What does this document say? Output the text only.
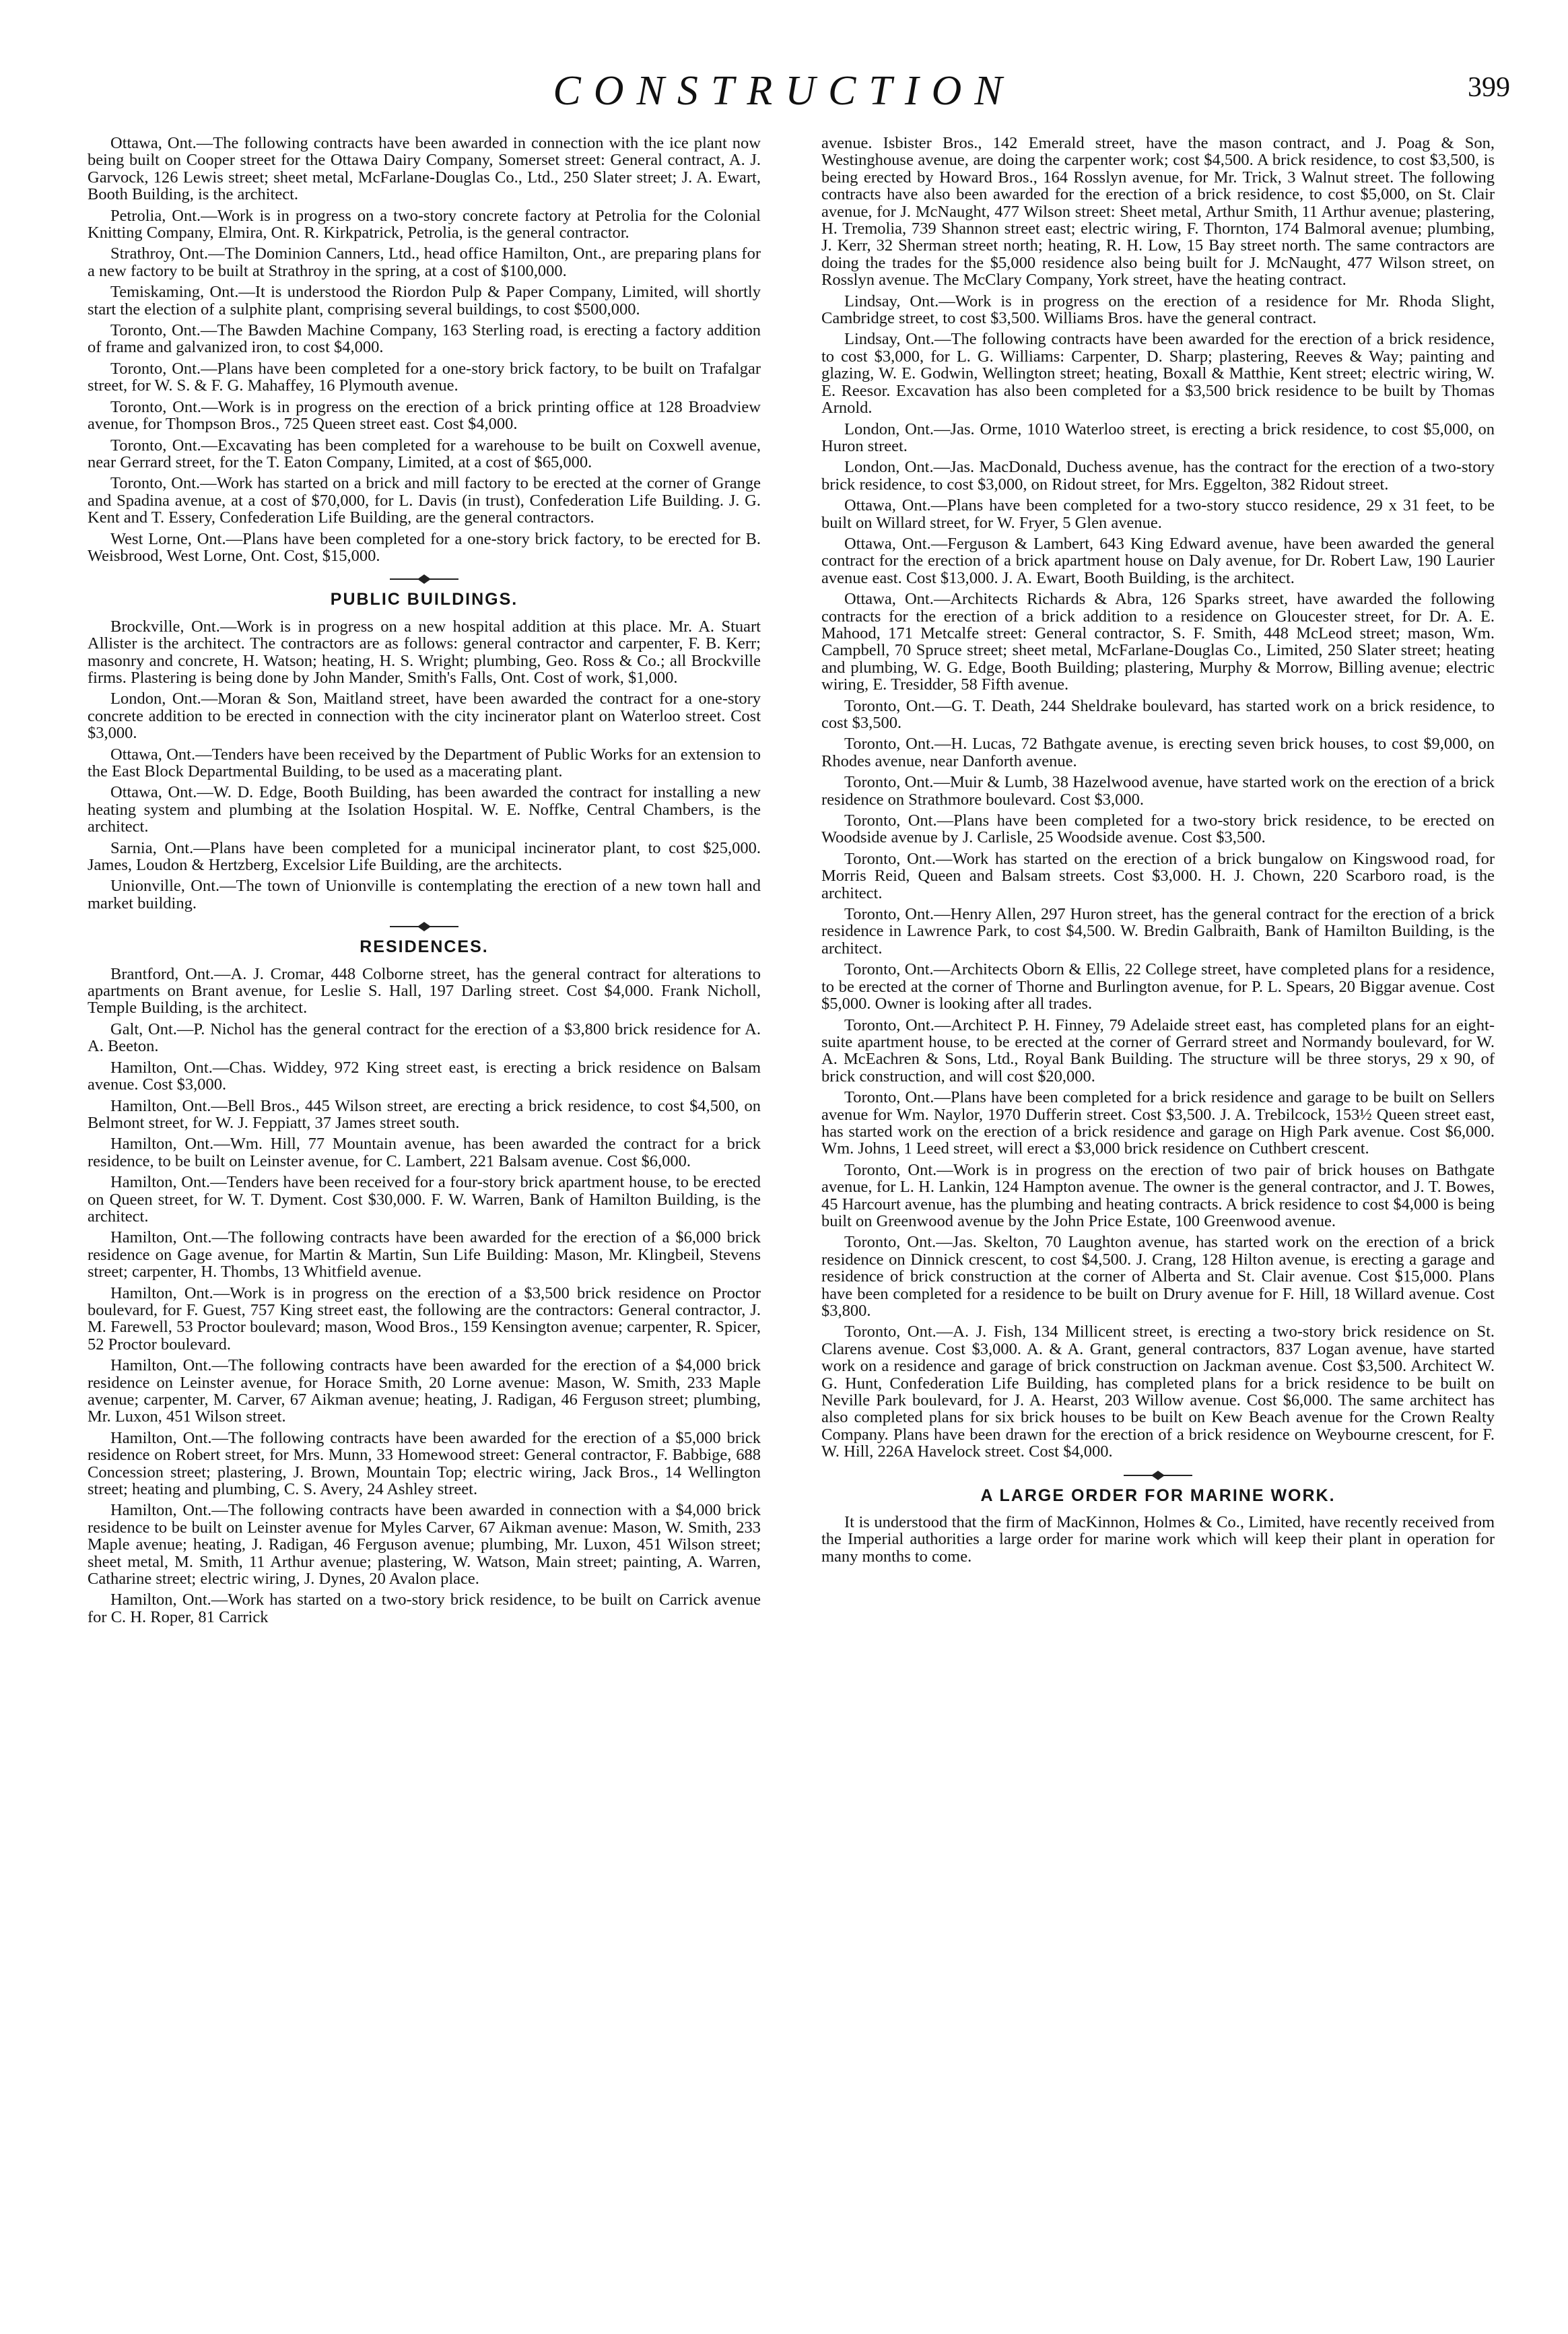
CONSTRUCTION	399

Ottawa, Ont.—The following contracts have been awarded in connection with the ice plant now being built on Cooper street for the Ottawa Dairy Company, Somerset street: General contract, A. J. Garvock, 126 Lewis street; sheet metal, McFarlane-Douglas Co., Ltd., 250 Slater street; J. A. Ewart, Booth Building, is the architect.

Petrolia, Ont.—Work is in progress on a two-story concrete factory at Petrolia for the Colonial Knitting Company, Elmira, Ont. R. Kirkpatrick, Petrolia, is the general contractor.

Strathroy, Ont.—The Dominion Canners, Ltd., head office Hamilton, Ont., are preparing plans for a new factory to be built at Strathroy in the spring, at a cost of $100,000.

Temiskaming, Ont.—It is understood the Riordon Pulp & Paper Company, Limited, will shortly start the election of a sulphite plant, comprising several buildings, to cost $500,000.

Toronto, Ont.—The Bawden Machine Company, 163 Sterling road, is erecting a factory addition of frame and galvanized iron, to cost $4,000.

Toronto, Ont.—Plans have been completed for a one-story brick factory, to be built on Trafalgar street, for W. S. & F. G. Mahaffey, 16 Plymouth avenue.

Toronto, Ont.—Work is in progress on the erection of a brick printing office at 128 Broadview avenue, for Thompson Bros., 725 Queen street east. Cost $4,000.

Toronto, Ont.—Excavating has been completed for a warehouse to be built on Coxwell avenue, near Gerrard street, for the T. Eaton Company, Limited, at a cost of $65,000.

Toronto, Ont.—Work has started on a brick and mill factory to be erected at the corner of Grange and Spadina avenue, at a cost of $70,000, for L. Davis (in trust), Confederation Life Building. J. G. Kent and T. Essery, Confederation Life Building, are the general contractors.

West Lorne, Ont.—Plans have been completed for a one-story brick factory, to be erected for B. Weisbrood, West Lorne, Ont. Cost, $15,000.

PUBLIC BUILDINGS.

Brockville, Ont.—Work is in progress on a new hospital addition at this place. Mr. A. Stuart Allister is the architect. The contractors are as follows: general contractor and carpenter, F. B. Kerr; masonry and concrete, H. Watson; heating, H. S. Wright; plumbing, Geo. Ross & Co.; all Brockville firms. Plastering is being done by John Mander, Smith's Falls, Ont. Cost of work, $1,000.

London, Ont.—Moran & Son, Maitland street, have been awarded the contract for a one-story concrete addition to be erected in connection with the city incinerator plant on Waterloo street. Cost $3,000.

Ottawa, Ont.—Tenders have been received by the Department of Public Works for an extension to the East Block Departmental Building, to be used as a macerating plant.

Ottawa, Ont.—W. D. Edge, Booth Building, has been awarded the contract for installing a new heating system and plumbing at the Isolation Hospital. W. E. Noffke, Central Chambers, is the architect.

Sarnia, Ont.—Plans have been completed for a municipal incinerator plant, to cost $25,000. James, Loudon & Hertzberg, Excelsior Life Building, are the architects.

Unionville, Ont.—The town of Unionville is contemplating the erection of a new town hall and market building.

RESIDENCES.

Brantford, Ont.—A. J. Cromar, 448 Colborne street, has the general contract for alterations to apartments on Brant avenue, for Leslie S. Hall, 197 Darling street. Cost $4,000. Frank Nicholl, Temple Building, is the architect.

Galt, Ont.—P. Nichol has the general contract for the erection of a $3,800 brick residence for A. A. Beeton.

Hamilton, Ont.—Chas. Widdey, 972 King street east, is erecting a brick residence on Balsam avenue. Cost $3,000.

Hamilton, Ont.—Bell Bros., 445 Wilson street, are erecting a brick residence, to cost $4,500, on Belmont street, for W. J. Feppiatt, 37 James street south.

Hamilton, Ont.—Wm. Hill, 77 Mountain avenue, has been awarded the contract for a brick residence, to be built on Leinster avenue, for C. Lambert, 221 Balsam avenue. Cost $6,000.

Hamilton, Ont.—Tenders have been received for a four-story brick apartment house, to be erected on Queen street, for W. T. Dyment. Cost $30,000. F. W. Warren, Bank of Hamilton Building, is the architect.

Hamilton, Ont.—The following contracts have been awarded for the erection of a $6,000 brick residence on Gage avenue, for Martin & Martin, Sun Life Building: Mason, Mr. Klingbeil, Stevens street; carpenter, H. Thombs, 13 Whitfield avenue.

Hamilton, Ont.—Work is in progress on the erection of a $3,500 brick residence on Proctor boulevard, for F. Guest, 757 King street east, the following are the contractors: General contractor, J. M. Farewell, 53 Proctor boulevard; mason, Wood Bros., 159 Kensington avenue; carpenter, R. Spicer, 52 Proctor boulevard.

Hamilton, Ont.—The following contracts have been awarded for the erection of a $4,000 brick residence on Leinster avenue, for Horace Smith, 20 Lorne avenue: Mason, W. Smith, 233 Maple avenue; carpenter, M. Carver, 67 Aikman avenue; heating, J. Radigan, 46 Ferguson street; plumbing, Mr. Luxon, 451 Wilson street.

Hamilton, Ont.—The following contracts have been awarded for the erection of a $5,000 brick residence on Robert street, for Mrs. Munn, 33 Homewood street: General contractor, F. Babbige, 688 Concession street; plastering, J. Brown, Mountain Top; electric wiring, Jack Bros., 14 Wellington street; heating and plumbing, C. S. Avery, 24 Ashley street.

Hamilton, Ont.—The following contracts have been awarded in connection with a $4,000 brick residence to be built on Leinster avenue for Myles Carver, 67 Aikman avenue: Mason, W. Smith, 233 Maple avenue; heating, J. Radigan, 46 Ferguson avenue; plumbing, Mr. Luxon, 451 Wilson street; sheet metal, M. Smith, 11 Arthur avenue; plastering, W. Watson, Main street; painting, A. Warren, Catharine street; electric wiring, J. Dynes, 20 Avalon place.

Hamilton, Ont.—Work has started on a two-story brick residence, to be built on Carrick avenue for C. H. Roper, 81 Carrick

avenue. Isbister Bros., 142 Emerald street, have the mason contract, and J. Poag & Son, Westinghouse avenue, are doing the carpenter work; cost $4,500. A brick residence, to cost $3,500, is being erected by Howard Bros., 164 Rosslyn avenue, for Mr. Trick, 3 Walnut street. The following contracts have also been awarded for the erection of a brick residence, to cost $5,000, on St. Clair avenue, for J. McNaught, 477 Wilson street: Sheet metal, Arthur Smith, 11 Arthur avenue; plastering, H. Tremolia, 739 Shannon street east; electric wiring, F. Thornton, 174 Balmoral avenue; plumbing, J. Kerr, 32 Sherman street north; heating, R. H. Low, 15 Bay street north. The same contractors are doing the trades for the $5,000 residence also being built for J. McNaught, 477 Wilson street, on Rosslyn avenue. The McClary Company, York street, have the heating contract.

Lindsay, Ont.—Work is in progress on the erection of a residence for Mr. Rhoda Slight, Cambridge street, to cost $3,500. Williams Bros. have the general contract.

Lindsay, Ont.—The following contracts have been awarded for the erection of a brick residence, to cost $3,000, for L. G. Williams: Carpenter, D. Sharp; plastering, Reeves & Way; painting and glazing, W. E. Godwin, Wellington street; heating, Boxall & Matthie, Kent street; electric wiring, W. E. Reesor. Excavation has also been completed for a $3,500 brick residence to be built by Thomas Arnold.

London, Ont.—Jas. Orme, 1010 Waterloo street, is erecting a brick residence, to cost $5,000, on Huron street.

London, Ont.—Jas. MacDonald, Duchess avenue, has the contract for the erection of a two-story brick residence, to cost $3,000, on Ridout street, for Mrs. Eggelton, 382 Ridout street.

Ottawa, Ont.—Plans have been completed for a two-story stucco residence, 29 x 31 feet, to be built on Willard street, for W. Fryer, 5 Glen avenue.

Ottawa, Ont.—Ferguson & Lambert, 643 King Edward avenue, have been awarded the general contract for the erection of a brick apartment house on Daly avenue, for Dr. Robert Law, 190 Laurier avenue east. Cost $13,000. J. A. Ewart, Booth Building, is the architect.

Ottawa, Ont.—Architects Richards & Abra, 126 Sparks street, have awarded the following contracts for the erection of a brick addition to a residence on Gloucester street, for Dr. A. E. Mahood, 171 Metcalfe street: General contractor, S. F. Smith, 448 McLeod street; mason, Wm. Campbell, 70 Spruce street; sheet metal, McFarlane-Douglas Co., Limited, 250 Slater street; heating and plumbing, W. G. Edge, Booth Building; plastering, Murphy & Morrow, Billing avenue; electric wiring, E. Tresidder, 58 Fifth avenue.

Toronto, Ont.—G. T. Death, 244 Sheldrake boulevard, has started work on a brick residence, to cost $3,500.

Toronto, Ont.—H. Lucas, 72 Bathgate avenue, is erecting seven brick houses, to cost $9,000, on Rhodes avenue, near Danforth avenue.

Toronto, Ont.—Muir & Lumb, 38 Hazelwood avenue, have started work on the erection of a brick residence on Strathmore boulevard. Cost $3,000.

Toronto, Ont.—Plans have been completed for a two-story brick residence, to be erected on Woodside avenue by J. Carlisle, 25 Woodside avenue. Cost $3,500.

Toronto, Ont.—Work has started on the erection of a brick bungalow on Kingswood road, for Morris Reid, Queen and Balsam streets. Cost $3,000. H. J. Chown, 220 Scarboro road, is the architect.

Toronto, Ont.—Henry Allen, 297 Huron street, has the general contract for the erection of a brick residence in Lawrence Park, to cost $4,500. W. Bredin Galbraith, Bank of Hamilton Building, is the architect.

Toronto, Ont.—Architects Oborn & Ellis, 22 College street, have completed plans for a residence, to be erected at the corner of Thorne and Burlington avenue, for P. L. Spears, 20 Biggar avenue. Cost $5,000. Owner is looking after all trades.

Toronto, Ont.—Architect P. H. Finney, 79 Adelaide street east, has completed plans for an eight-suite apartment house, to be erected at the corner of Gerrard street and Normandy boulevard, for W. A. McEachren & Sons, Ltd., Royal Bank Building. The structure will be three storys, 29 x 90, of brick construction, and will cost $20,000.

Toronto, Ont.—Plans have been completed for a brick residence and garage to be built on Sellers avenue for Wm. Naylor, 1970 Dufferin street. Cost $3,500. J. A. Trebilcock, 153½ Queen street east, has started work on the erection of a brick residence and garage on High Park avenue. Cost $6,000. Wm. Johns, 1 Leed street, will erect a $3,000 brick residence on Cuthbert crescent.

Toronto, Ont.—Work is in progress on the erection of two pair of brick houses on Bathgate avenue, for L. H. Lankin, 124 Hampton avenue. The owner is the general contractor, and J. T. Bowes, 45 Harcourt avenue, has the plumbing and heating contracts. A brick residence to cost $4,000 is being built on Greenwood avenue by the John Price Estate, 100 Greenwood avenue.

Toronto, Ont.—Jas. Skelton, 70 Laughton avenue, has started work on the erection of a brick residence on Dinnick crescent, to cost $4,500. J. Crang, 128 Hilton avenue, is erecting a garage and residence of brick construction at the corner of Alberta and St. Clair avenue. Cost $15,000. Plans have been completed for a residence to be built on Drury avenue for F. Hill, 18 Willard avenue. Cost $3,800.

Toronto, Ont.—A. J. Fish, 134 Millicent street, is erecting a two-story brick residence on St. Clarens avenue. Cost $3,000. A. & A. Grant, general contractors, 837 Logan avenue, have started work on a residence and garage of brick construction on Jackman avenue. Cost $3,500. Architect W. G. Hunt, Confederation Life Building, has completed plans for a brick residence to be built on Neville Park boulevard, for J. A. Hearst, 203 Willow avenue. Cost $6,000. The same architect has also completed plans for six brick houses to be built on Kew Beach avenue for the Crown Realty Company. Plans have been drawn for the erection of a brick residence on Weybourne crescent, for F. W. Hill, 226A Havelock street. Cost $4,000.

A LARGE ORDER FOR MARINE WORK.

It is understood that the firm of MacKinnon, Holmes & Co., Limited, have recently received from the Imperial authorities a large order for marine work which will keep their plant in operation for many months to come.
